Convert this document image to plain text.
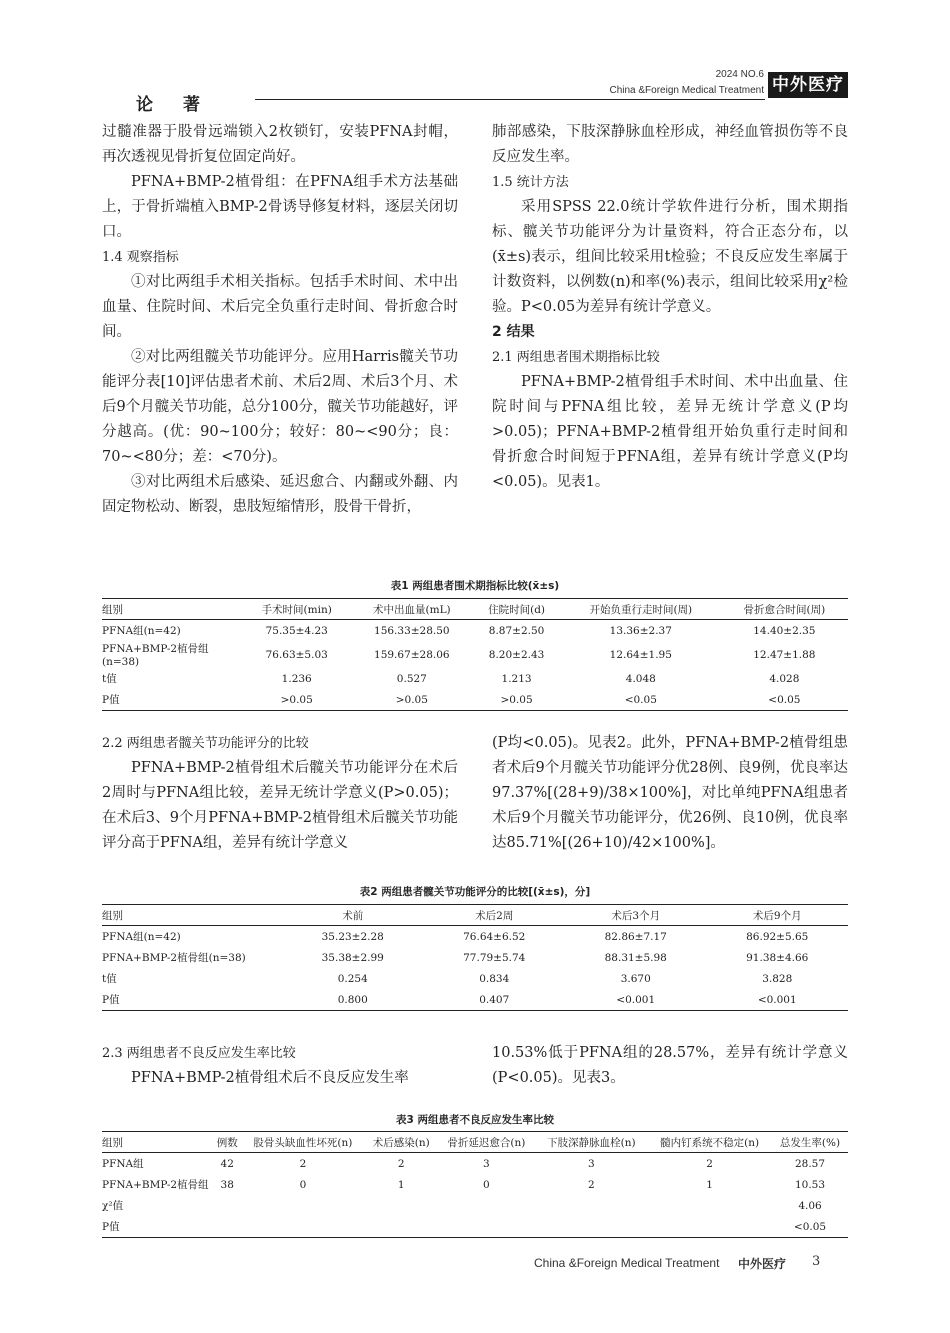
论著
2024 NO.6
China &Foreign Medical Treatment 中外医疗

过髓准器于股骨远端锁入2枚锁钉，安装PFNA封帽，再次透视见骨折复位固定尚好。

PFNA+BMP-2植骨组：在PFNA组手术方法基础上，于骨折端植入BMP-2骨诱导修复材料，逐层关闭切口。

1.4 观察指标

①对比两组手术相关指标。包括手术时间、术中出血量、住院时间、术后完全负重行走时间、骨折愈合时间。

②对比两组髋关节功能评分。应用Harris髋关节功能评分表[10]评估患者术前、术后2周、术后3个月、术后9个月髋关节功能，总分100分，髋关节功能越好，评分越高。(优：90~100分；较好：80~<90分；良：70~<80分；差：<70分)。

③对比两组术后感染、延迟愈合、内翻或外翻、内固定物松动、断裂，患肢短缩情形，股骨干骨折，

肺部感染，下肢深静脉血栓形成，神经血管损伤等不良反应发生率。

1.5 统计方法

采用SPSS 22.0统计学软件进行分析，围术期指标、髋关节功能评分为计量资料，符合正态分布，以(x̄±s)表示，组间比较采用t检验；不良反应发生率属于计数资料，以例数(n)和率(%)表示，组间比较采用χ²检验。P<0.05为差异有统计学意义。

2 结果

2.1 两组患者围术期指标比较

PFNA+BMP-2植骨组手术时间、术中出血量、住院时间与PFNA组比较，差异无统计学意义(P均>0.05)；PFNA+BMP-2植骨组开始负重行走时间和骨折愈合时间短于PFNA组，差异有统计学意义(P均<0.05)。见表1。

表1 两组患者围术期指标比较(x̄±s)
组别	手术时间(min)	术中出血量(mL)	住院时间(d)	开始负重行走时间(周)	骨折愈合时间(周)
PFNA组(n=42)	75.35±4.23	156.33±28.50	8.87±2.50	13.36±2.37	14.40±2.35
PFNA+BMP-2植骨组(n=38)	76.63±5.03	159.67±28.06	8.20±2.43	12.64±1.95	12.47±1.88
t值	1.236	0.527	1.213	4.048	4.028
P值	>0.05	>0.05	>0.05	<0.05	<0.05

2.2 两组患者髋关节功能评分的比较

PFNA+BMP-2植骨组术后髋关节功能评分在术后2周时与PFNA组比较，差异无统计学意义(P>0.05)；在术后3、9个月PFNA+BMP-2植骨组术后髋关节功能评分高于PFNA组，差异有统计学意义

(P均<0.05)。见表2。此外，PFNA+BMP-2植骨组患者术后9个月髋关节功能评分优28例、良9例，优良率达97.37%[(28+9)/38×100%]，对比单纯PFNA组患者术后9个月髋关节功能评分，优26例、良10例，优良率达85.71%[(26+10)/42×100%]。

表2 两组患者髋关节功能评分的比较[(x̄±s)，分]
组别	术前	术后2周	术后3个月	术后9个月
PFNA组(n=42)	35.23±2.28	76.64±6.52	82.86±7.17	86.92±5.65
PFNA+BMP-2植骨组(n=38)	35.38±2.99	77.79±5.74	88.31±5.98	91.38±4.66
t值	0.254	0.834	3.670	3.828
P值	0.800	0.407	<0.001	<0.001

2.3 两组患者不良反应发生率比较

PFNA+BMP-2植骨组术后不良反应发生率

10.53%低于PFNA组的28.57%，差异有统计学意义(P<0.05)。见表3。

表3 两组患者不良反应发生率比较
组别	例数	股骨头缺血性坏死(n)	术后感染(n)	骨折延迟愈合(n)	下肢深静脉血栓(n)	髓内钉系统不稳定(n)	总发生率(%)
PFNA组	42	2	2	3	3	2	28.57
PFNA+BMP-2植骨组	38	0	1	0	2	1	10.53
χ²值							4.06
P值							<0.05
China &Foreign Medical Treatment 中外医疗 3
